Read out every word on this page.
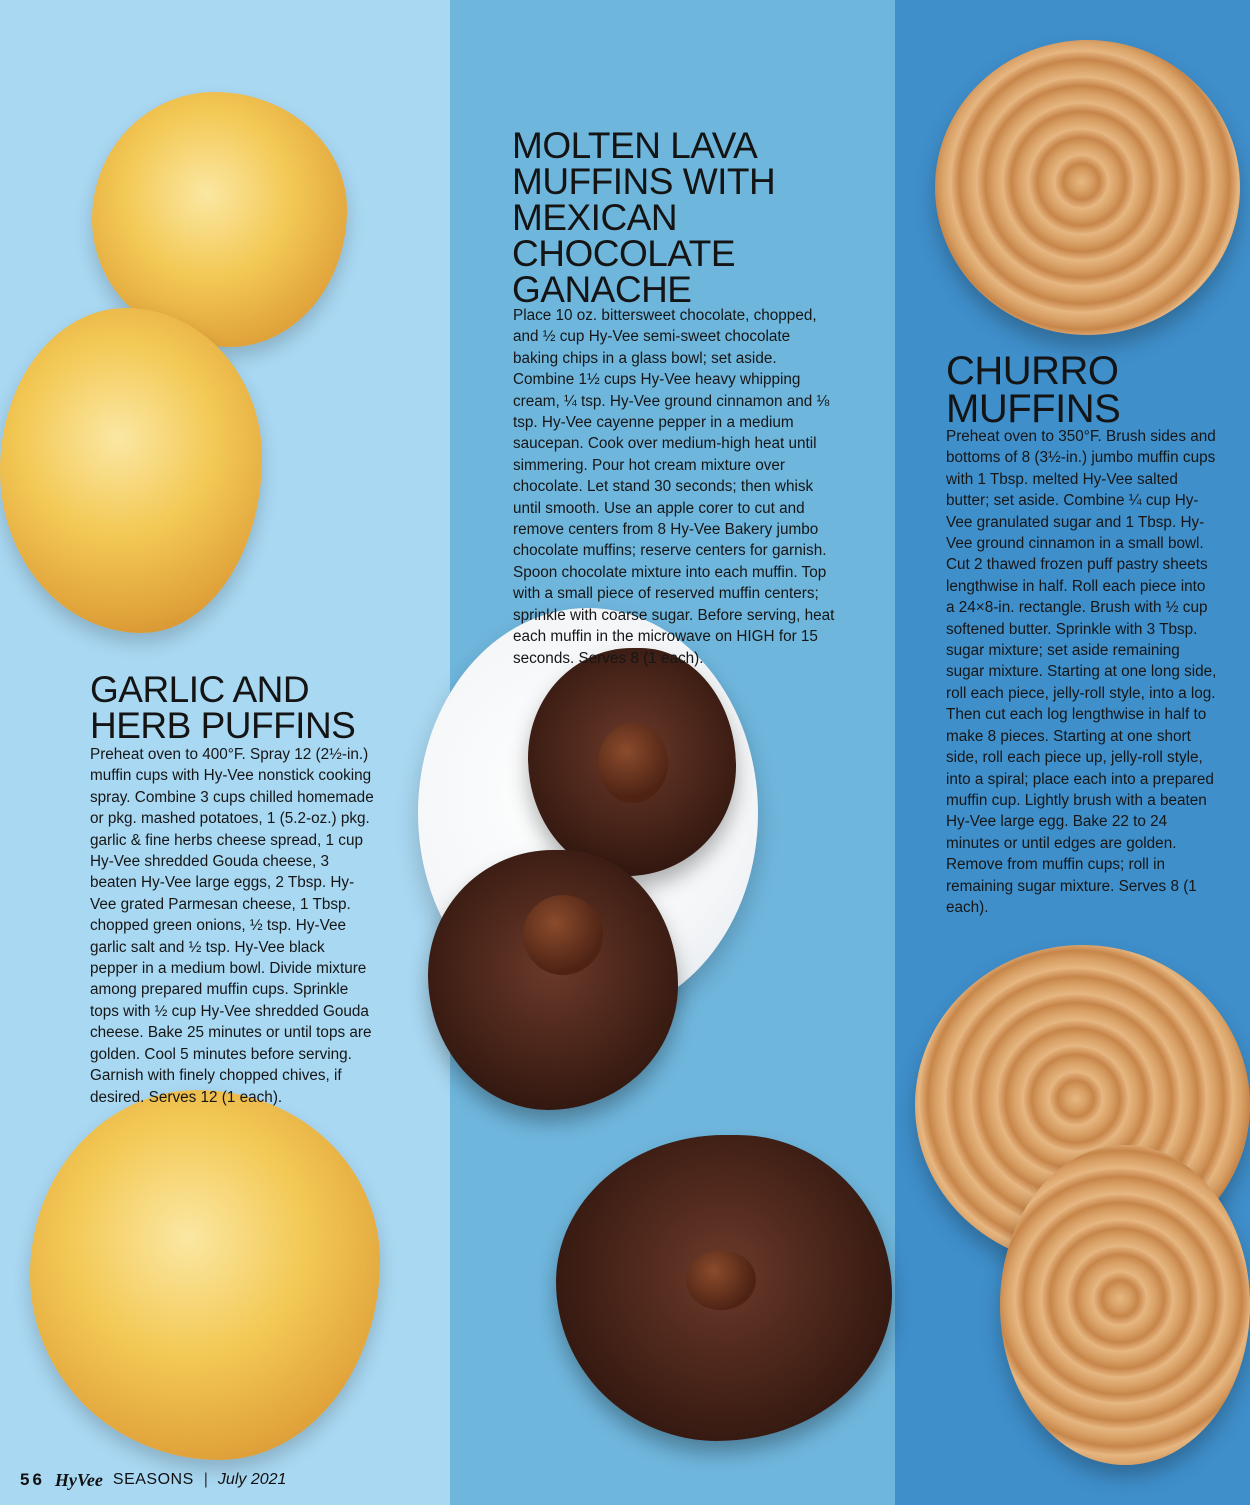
MOLTEN LAVA
MUFFINS WITH
MEXICAN
CHOCOLATE
GANACHE

Place 10 oz. bittersweet chocolate, chopped, and ½ cup Hy-Vee semi-sweet chocolate baking chips in a glass bowl; set aside. Combine 1½ cups Hy-Vee heavy whipping cream, ¼ tsp. Hy-Vee ground cinnamon and ⅛ tsp. Hy-Vee cayenne pepper in a medium saucepan. Cook over medium-high heat until simmering. Pour hot cream mixture over chocolate. Let stand 30 seconds; then whisk until smooth. Use an apple corer to cut and remove centers from 8 Hy-Vee Bakery jumbo chocolate muffins; reserve centers for garnish. Spoon chocolate mixture into each muffin. Top with a small piece of reserved muffin centers; sprinkle with coarse sugar. Before serving, heat each muffin in the microwave on HIGH for 15 seconds. Serves 8 (1 each).

CHURRO
MUFFINS

Preheat oven to 350°F. Brush sides and bottoms of 8 (3½-in.) jumbo muffin cups with 1 Tbsp. melted Hy-Vee salted butter; set aside. Combine ¼ cup Hy-Vee granulated sugar and 1 Tbsp. Hy-Vee ground cinnamon in a small bowl. Cut 2 thawed frozen puff pastry sheets lengthwise in half. Roll each piece into a 24×8-in. rectangle. Brush with ½ cup softened butter. Sprinkle with 3 Tbsp. sugar mixture; set aside remaining sugar mixture. Starting at one long side, roll each piece, jelly-roll style, into a log. Then cut each log lengthwise in half to make 8 pieces. Starting at one short side, roll each piece up, jelly-roll style, into a spiral; place each into a prepared muffin cup. Lightly brush with a beaten Hy-Vee large egg. Bake 22 to 24 minutes or until edges are golden. Remove from muffin cups; roll in remaining sugar mixture. Serves 8 (1 each).

GARLIC AND
HERB PUFFINS

Preheat oven to 400°F. Spray 12 (2½-in.) muffin cups with Hy-Vee nonstick cooking spray. Combine 3 cups chilled homemade or pkg. mashed potatoes, 1 (5.2-oz.) pkg. garlic & fine herbs cheese spread, 1 cup Hy-Vee shredded Gouda cheese, 3 beaten Hy-Vee large eggs, 2 Tbsp. Hy-Vee grated Parmesan cheese, 1 Tbsp. chopped green onions, ½ tsp. Hy-Vee garlic salt and ½ tsp. Hy-Vee black pepper in a medium bowl. Divide mixture among prepared muffin cups. Sprinkle tops with ½ cup Hy-Vee shredded Gouda cheese. Bake 25 minutes or until tops are golden. Cool 5 minutes before serving. Garnish with finely chopped chives, if desired. Serves 12 (1 each).

56 HyVee SEASONS | July 2021
